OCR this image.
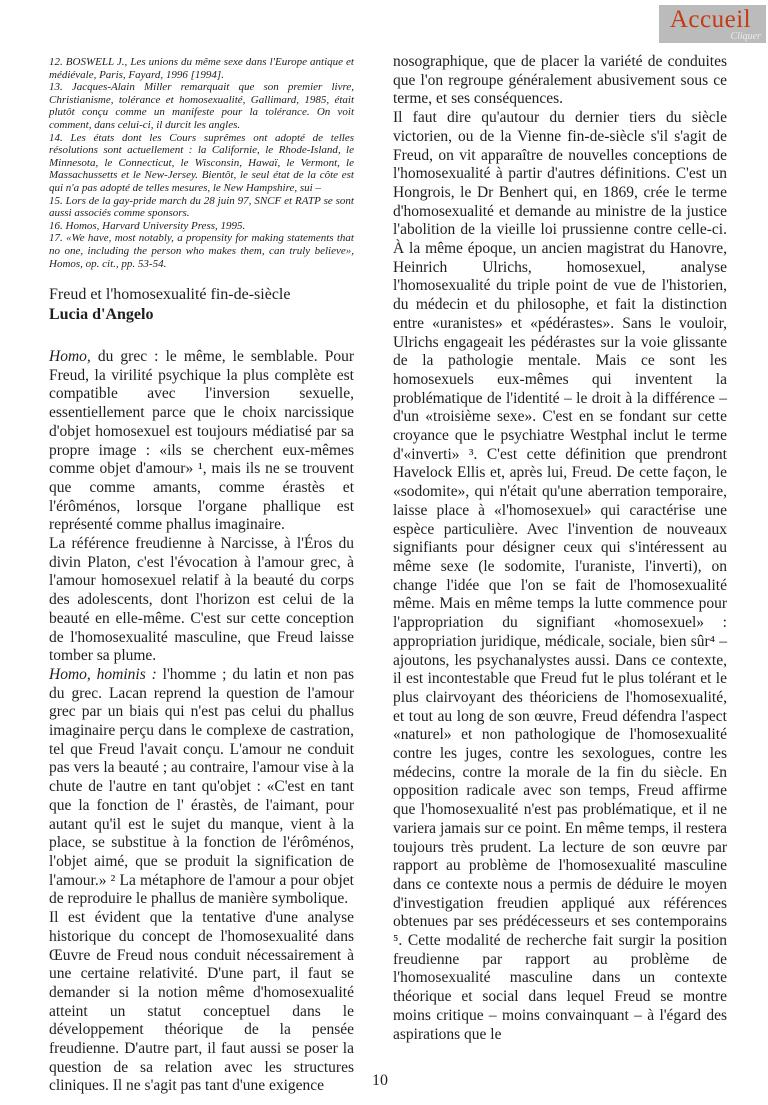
Accueil
Cliquer

12. BOSWELL J., Les unions du même sexe dans l'Europe antique et médiévale, Paris, Fayard, 1996 [1994].

13. Jacques-Alain Miller remarquait que son premier livre, Christianisme, tolérance et homosexualité, Gallimard, 1985, était plutôt conçu comme un manifeste pour la tolérance. On voit comment, dans celui-ci, il durcit les angles.

14. Les états dont les Cours suprêmes ont adopté de telles résolutions sont actuellement : la Californie, le Rhode-Island, le Minnesota, le Connecticut, le Wisconsin, Hawaï, le Vermont, le Massachussetts et le New-Jersey. Bientôt, le seul état de la côte est qui n'a pas adopté de telles mesures, le New Hampshire, sui –

15. Lors de la gay-pride march du 28 juin 97, SNCF et RATP se sont aussi associés comme sponsors.

16. Homos, Harvard University Press, 1995.

17. «We have, most notably, a propensity for making statements that no one, including the person who makes them, can truly believe», Homos, op. cit., pp. 53-54.

Freud et l'homosexualité fin-de-siècle
Lucia d'Angelo

Homo, du grec : le même, le semblable. Pour Freud, la virilité psychique la plus complète est compatible avec l'inversion sexuelle, essentiellement parce que le choix narcissique d'objet homosexuel est toujours médiatisé par sa propre image : «ils se cherchent eux-mêmes comme objet d'amour» ¹, mais ils ne se trouvent que comme amants, comme érastès et l'érôménos, lorsque l'organe phallique est représenté comme phallus imaginaire.

La référence freudienne à Narcisse, à l'Éros du divin Platon, c'est l'évocation à l'amour grec, à l'amour homosexuel relatif à la beauté du corps des adolescents, dont l'horizon est celui de la beauté en elle-même. C'est sur cette conception de l'homosexualité masculine, que Freud laisse tomber sa plume.

Homo, hominis : l'homme ; du latin et non pas du grec. Lacan reprend la question de l'amour grec par un biais qui n'est pas celui du phallus imaginaire perçu dans le complexe de castration, tel que Freud l'avait conçu. L'amour ne conduit pas vers la beauté ; au contraire, l'amour vise à la chute de l'autre en tant qu'objet : «C'est en tant que la fonction de l' érastès, de l'aimant, pour autant qu'il est le sujet du manque, vient à la place, se substitue à la fonction de l'érôménos, l'objet aimé, que se produit la signification de l'amour.» ² La métaphore de l'amour a pour objet de reproduire le phallus de manière symbolique.

Il est évident que la tentative d'une analyse historique du concept de l'homosexualité dans Œuvre de Freud nous conduit nécessairement à une certaine relativité. D'une part, il faut se demander si la notion même d'homosexualité atteint un statut conceptuel dans le développement théorique de la pensée freudienne. D'autre part, il faut aussi se poser la question de sa relation avec les structures cliniques. Il ne s'agit pas tant d'une exigence

nosographique, que de placer la variété de conduites que l'on regroupe généralement abusivement sous ce terme, et ses conséquences.

Il faut dire qu'autour du dernier tiers du siècle victorien, ou de la Vienne fin-de-siècle s'il s'agit de Freud, on vit apparaître de nouvelles conceptions de l'homosexualité à partir d'autres définitions. C'est un Hongrois, le Dr Benhert qui, en 1869, crée le terme d'homosexualité et demande au ministre de la justice l'abolition de la vieille loi prussienne contre celle-ci. À la même époque, un ancien magistrat du Hanovre, Heinrich Ulrichs, homosexuel, analyse l'homosexualité du triple point de vue de l'historien, du médecin et du philosophe, et fait la distinction entre «uranistes» et «pédérastes». Sans le vouloir, Ulrichs engageait les pédérastes sur la voie glissante de la pathologie mentale. Mais ce sont les homosexuels eux-mêmes qui inventent la problématique de l'identité – le droit à la différence – d'un «troisième sexe». C'est en se fondant sur cette croyance que le psychiatre Westphal inclut le terme d'«inverti» ³. C'est cette définition que prendront Havelock Ellis et, après lui, Freud. De cette façon, le «sodomite», qui n'était qu'une aberration temporaire, laisse place à «l'homosexuel» qui caractérise une espèce particulière. Avec l'invention de nouveaux signifiants pour désigner ceux qui s'intéressent au même sexe (le sodomite, l'uraniste, l'inverti), on change l'idée que l'on se fait de l'homosexualité même. Mais en même temps la lutte commence pour l'appropriation du signifiant «homosexuel» : appropriation juridique, médicale, sociale, bien sûr⁴ – ajoutons, les psychanalystes aussi. Dans ce contexte, il est incontestable que Freud fut le plus tolérant et le plus clairvoyant des théoriciens de l'homosexualité, et tout au long de son œuvre, Freud défendra l'aspect «naturel» et non pathologique de l'homosexualité contre les juges, contre les sexologues, contre les médecins, contre la morale de la fin du siècle. En opposition radicale avec son temps, Freud affirme que l'homosexualité n'est pas problématique, et il ne variera jamais sur ce point. En même temps, il restera toujours très prudent. La lecture de son œuvre par rapport au problème de l'homosexualité masculine dans ce contexte nous a permis de déduire le moyen d'investigation freudien appliqué aux références obtenues par ses prédécesseurs et ses contemporains ⁵. Cette modalité de recherche fait surgir la position freudienne par rapport au problème de l'homosexualité masculine dans un contexte théorique et social dans lequel Freud se montre moins critique – moins convainquant – à l'égard des aspirations que le

10
